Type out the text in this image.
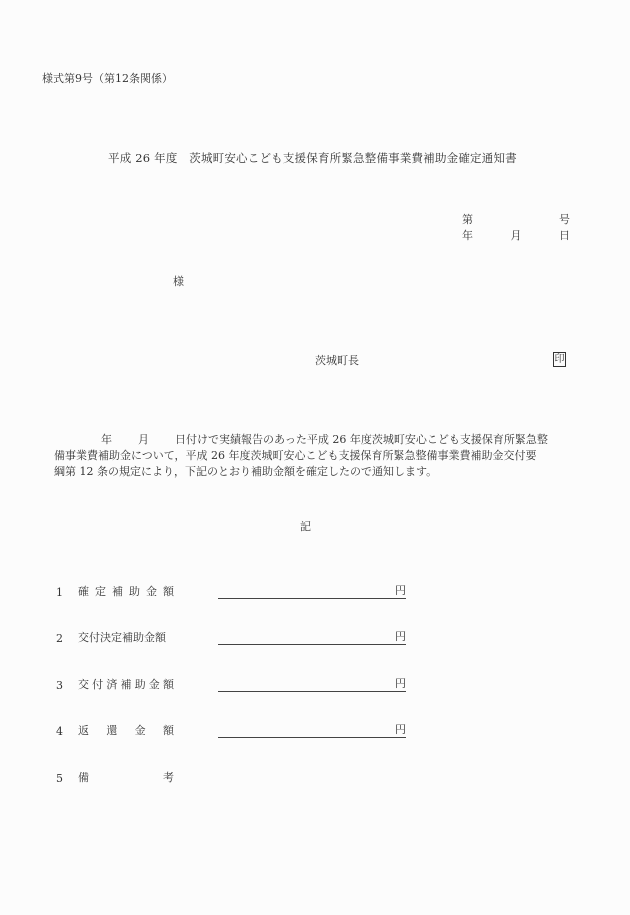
様式第9号（第12条関係）
平成 26 年度　茨城町安心こども支援保育所緊急整備事業費補助金確定通知書
第	号
年	月	日
様
茨城町長	印
年 月 日付けで実績報告のあった平成 26 年度茨城町安心こども支援保育所緊急整
備事業費補助金について，平成 26 年度茨城町安心こども支援保育所緊急整備事業費補助金交付要
綱第 12 条の規定により，下記のとおり補助金額を確定したので通知します。
記
1	確 定 補 助 金 額	円
2	交付決定補助金額	円
3	交 付 済 補 助 金 額	円
4	返 還 金 額	円
5	備	考
